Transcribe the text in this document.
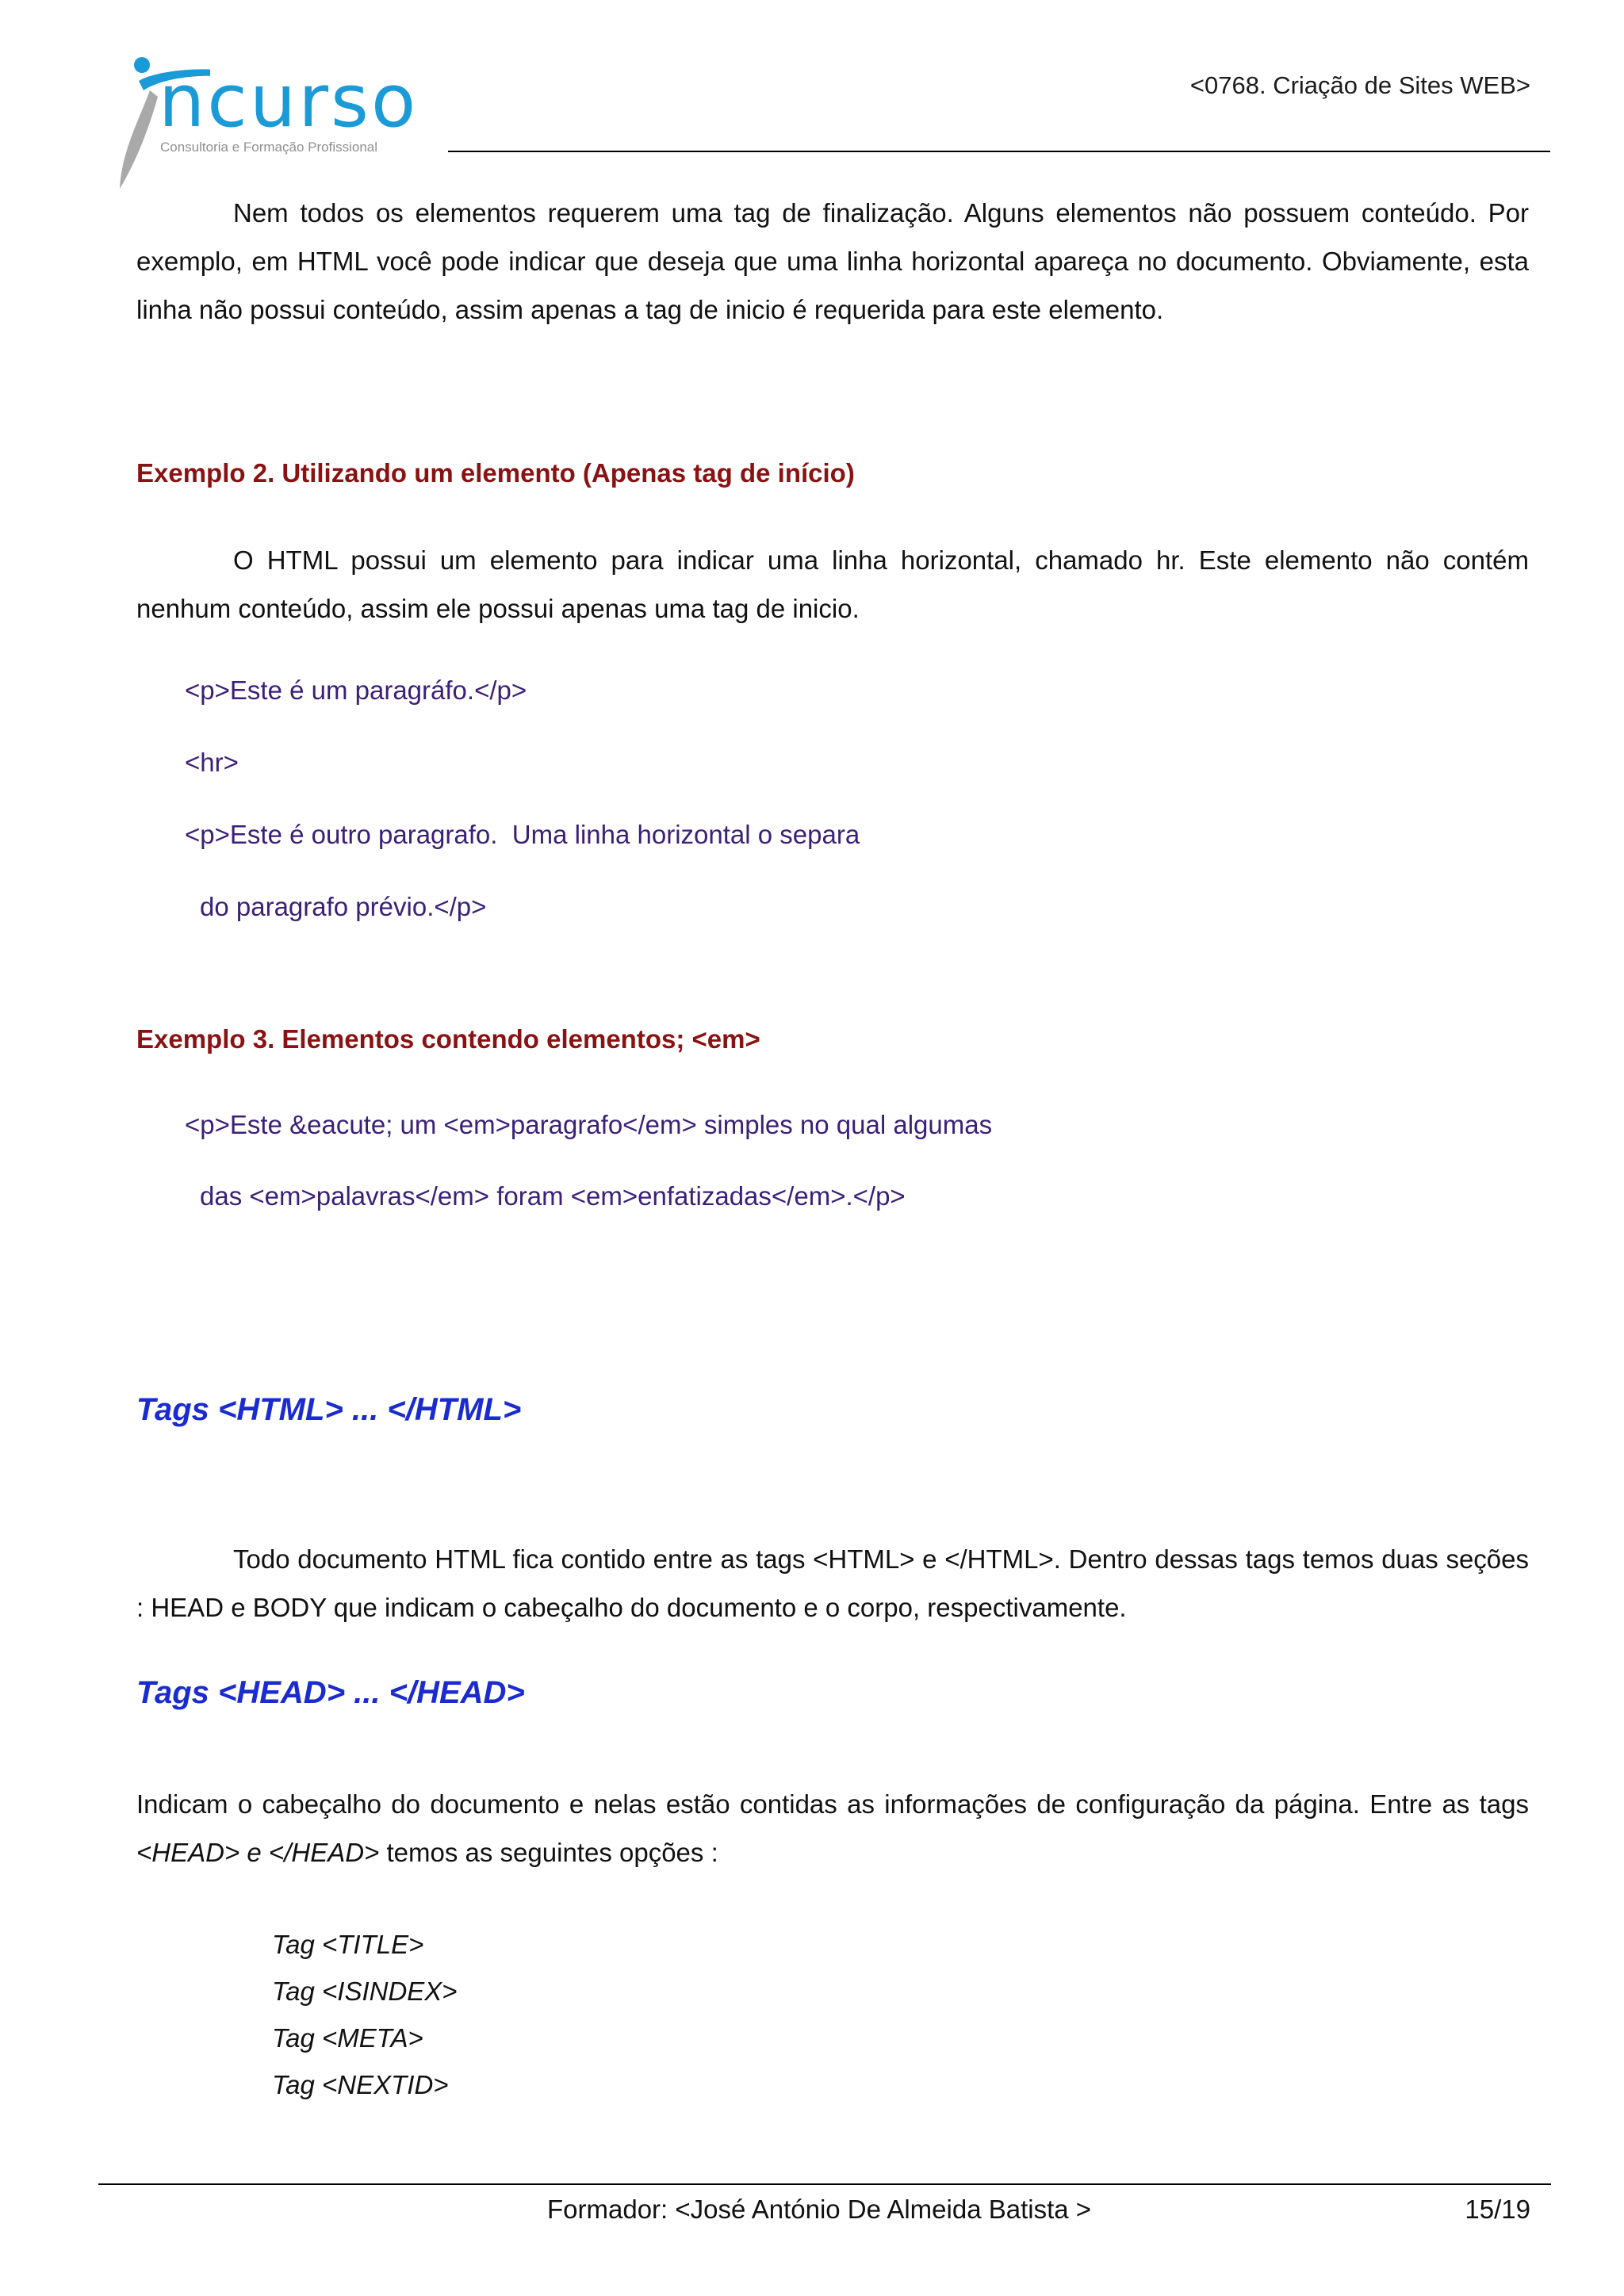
ncurso
Consultoria e Formação Profissional
<0768. Criação de Sites WEB>
Nem todos os elementos requerem uma tag de finalização. Alguns elementos não possuem conteúdo. Por exemplo, em HTML você pode indicar que deseja que uma linha horizontal apareça no documento. Obviamente, esta linha não possui conteúdo, assim apenas a tag de inicio é requerida para este elemento.
Exemplo 2. Utilizando um elemento (Apenas tag de início)
O HTML possui um elemento para indicar uma linha horizontal, chamado hr. Este elemento não contém nenhum conteúdo, assim ele possui apenas uma tag de inicio.
<p>Este é um paragráfo.</p>
<hr>
<p>Este é outro paragrafo.  Uma linha horizontal o separa
do paragrafo prévio.</p>
Exemplo 3. Elementos contendo elementos; <em>
<p>Este &eacute; um <em>paragrafo</em> simples no qual algumas
das <em>palavras</em> foram <em>enfatizadas</em>.</p>
Tags <HTML> ... </HTML>
Todo documento HTML fica contido entre as tags <HTML> e </HTML>. Dentro dessas tags temos duas seções : HEAD e BODY que indicam o cabeçalho do documento e o corpo, respectivamente.
Tags <HEAD> ... </HEAD>
Indicam o cabeçalho do documento e nelas estão contidas as informações de configuração da página. Entre as tags <HEAD> e </HEAD> temos as seguintes opções :
Tag <TITLE>
Tag <ISINDEX>
Tag <META>
Tag <NEXTID>
Formador: <José António De Almeida Batista >	15/19
